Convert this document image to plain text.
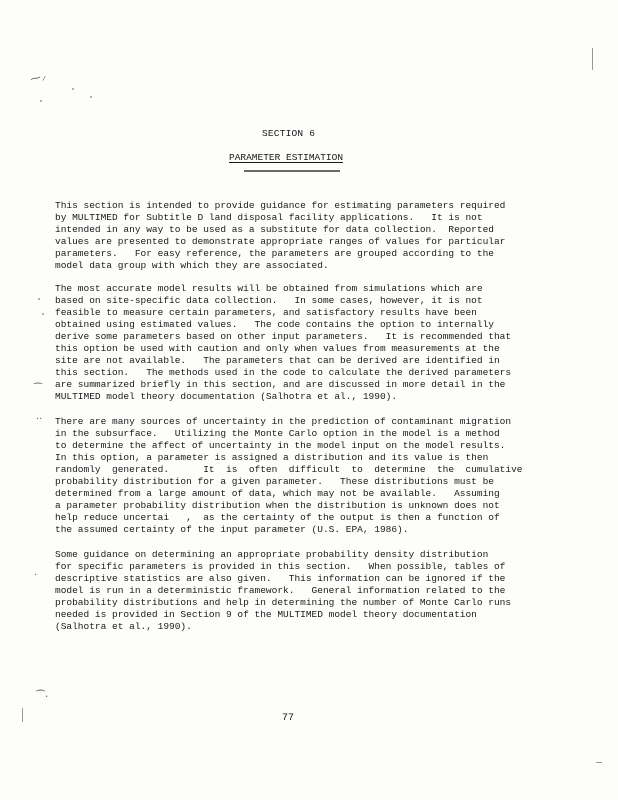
⁓⸝
⁀
··
·
⁀·
SECTION 6
PARAMETER ESTIMATION

This section is intended to provide guidance for estimating parameters required
by MULTIMED for Subtitle D land disposal facility applications.   It is not
intended in any way to be used as a substitute for data collection.  Reported
values are presented to demonstrate appropriate ranges of values for particular
parameters.   For easy reference, the parameters are grouped according to the
model data group with which they are associated.

The most accurate model results will be obtained from simulations which are
based on site-specific data collection.   In some cases, however, it is not
feasible to measure certain parameters, and satisfactory results have been
obtained using estimated values.   The code contains the option to internally
derive some parameters based on other input parameters.   It is recommended that
this option be used with caution and only when values from measurements at the
site are not available.   The parameters that can be derived are identified in
this section.   The methods used in the code to calculate the derived parameters
are summarized briefly in this section, and are discussed in more detail in the
MULTIMED model theory documentation (Salhotra et al., 1990).

There are many sources of uncertainty in the prediction of contaminant migration
in the subsurface.   Utilizing the Monte Carlo option in the model is a method
to determine the affect of uncertainty in the model input on the model results.
In this option, a parameter is assigned a distribution and its value is then
randomly  generated.      It  is  often  difficult  to  determine  the  cumulative
probability distribution for a given parameter.   These distributions must be
determined from a large amount of data, which may not be available.   Assuming
a parameter probability distribution when the distribution is unknown does not
help reduce uncertai   ,  as the certainty of the output is then a function of
the assumed certainty of the input parameter (U.S. EPA, 1986).

Some guidance on determining an appropriate probability density distribution
for specific parameters is provided in this section.   When possible, tables of
descriptive statistics are also given.   This information can be ignored if the
model is run in a deterministic framework.   General information related to the
probability distributions and help in determining the number of Monte Carlo runs
needed is provided in Section 9 of the MULTIMED model theory documentation
(Salhotra et al., 1990).

77
